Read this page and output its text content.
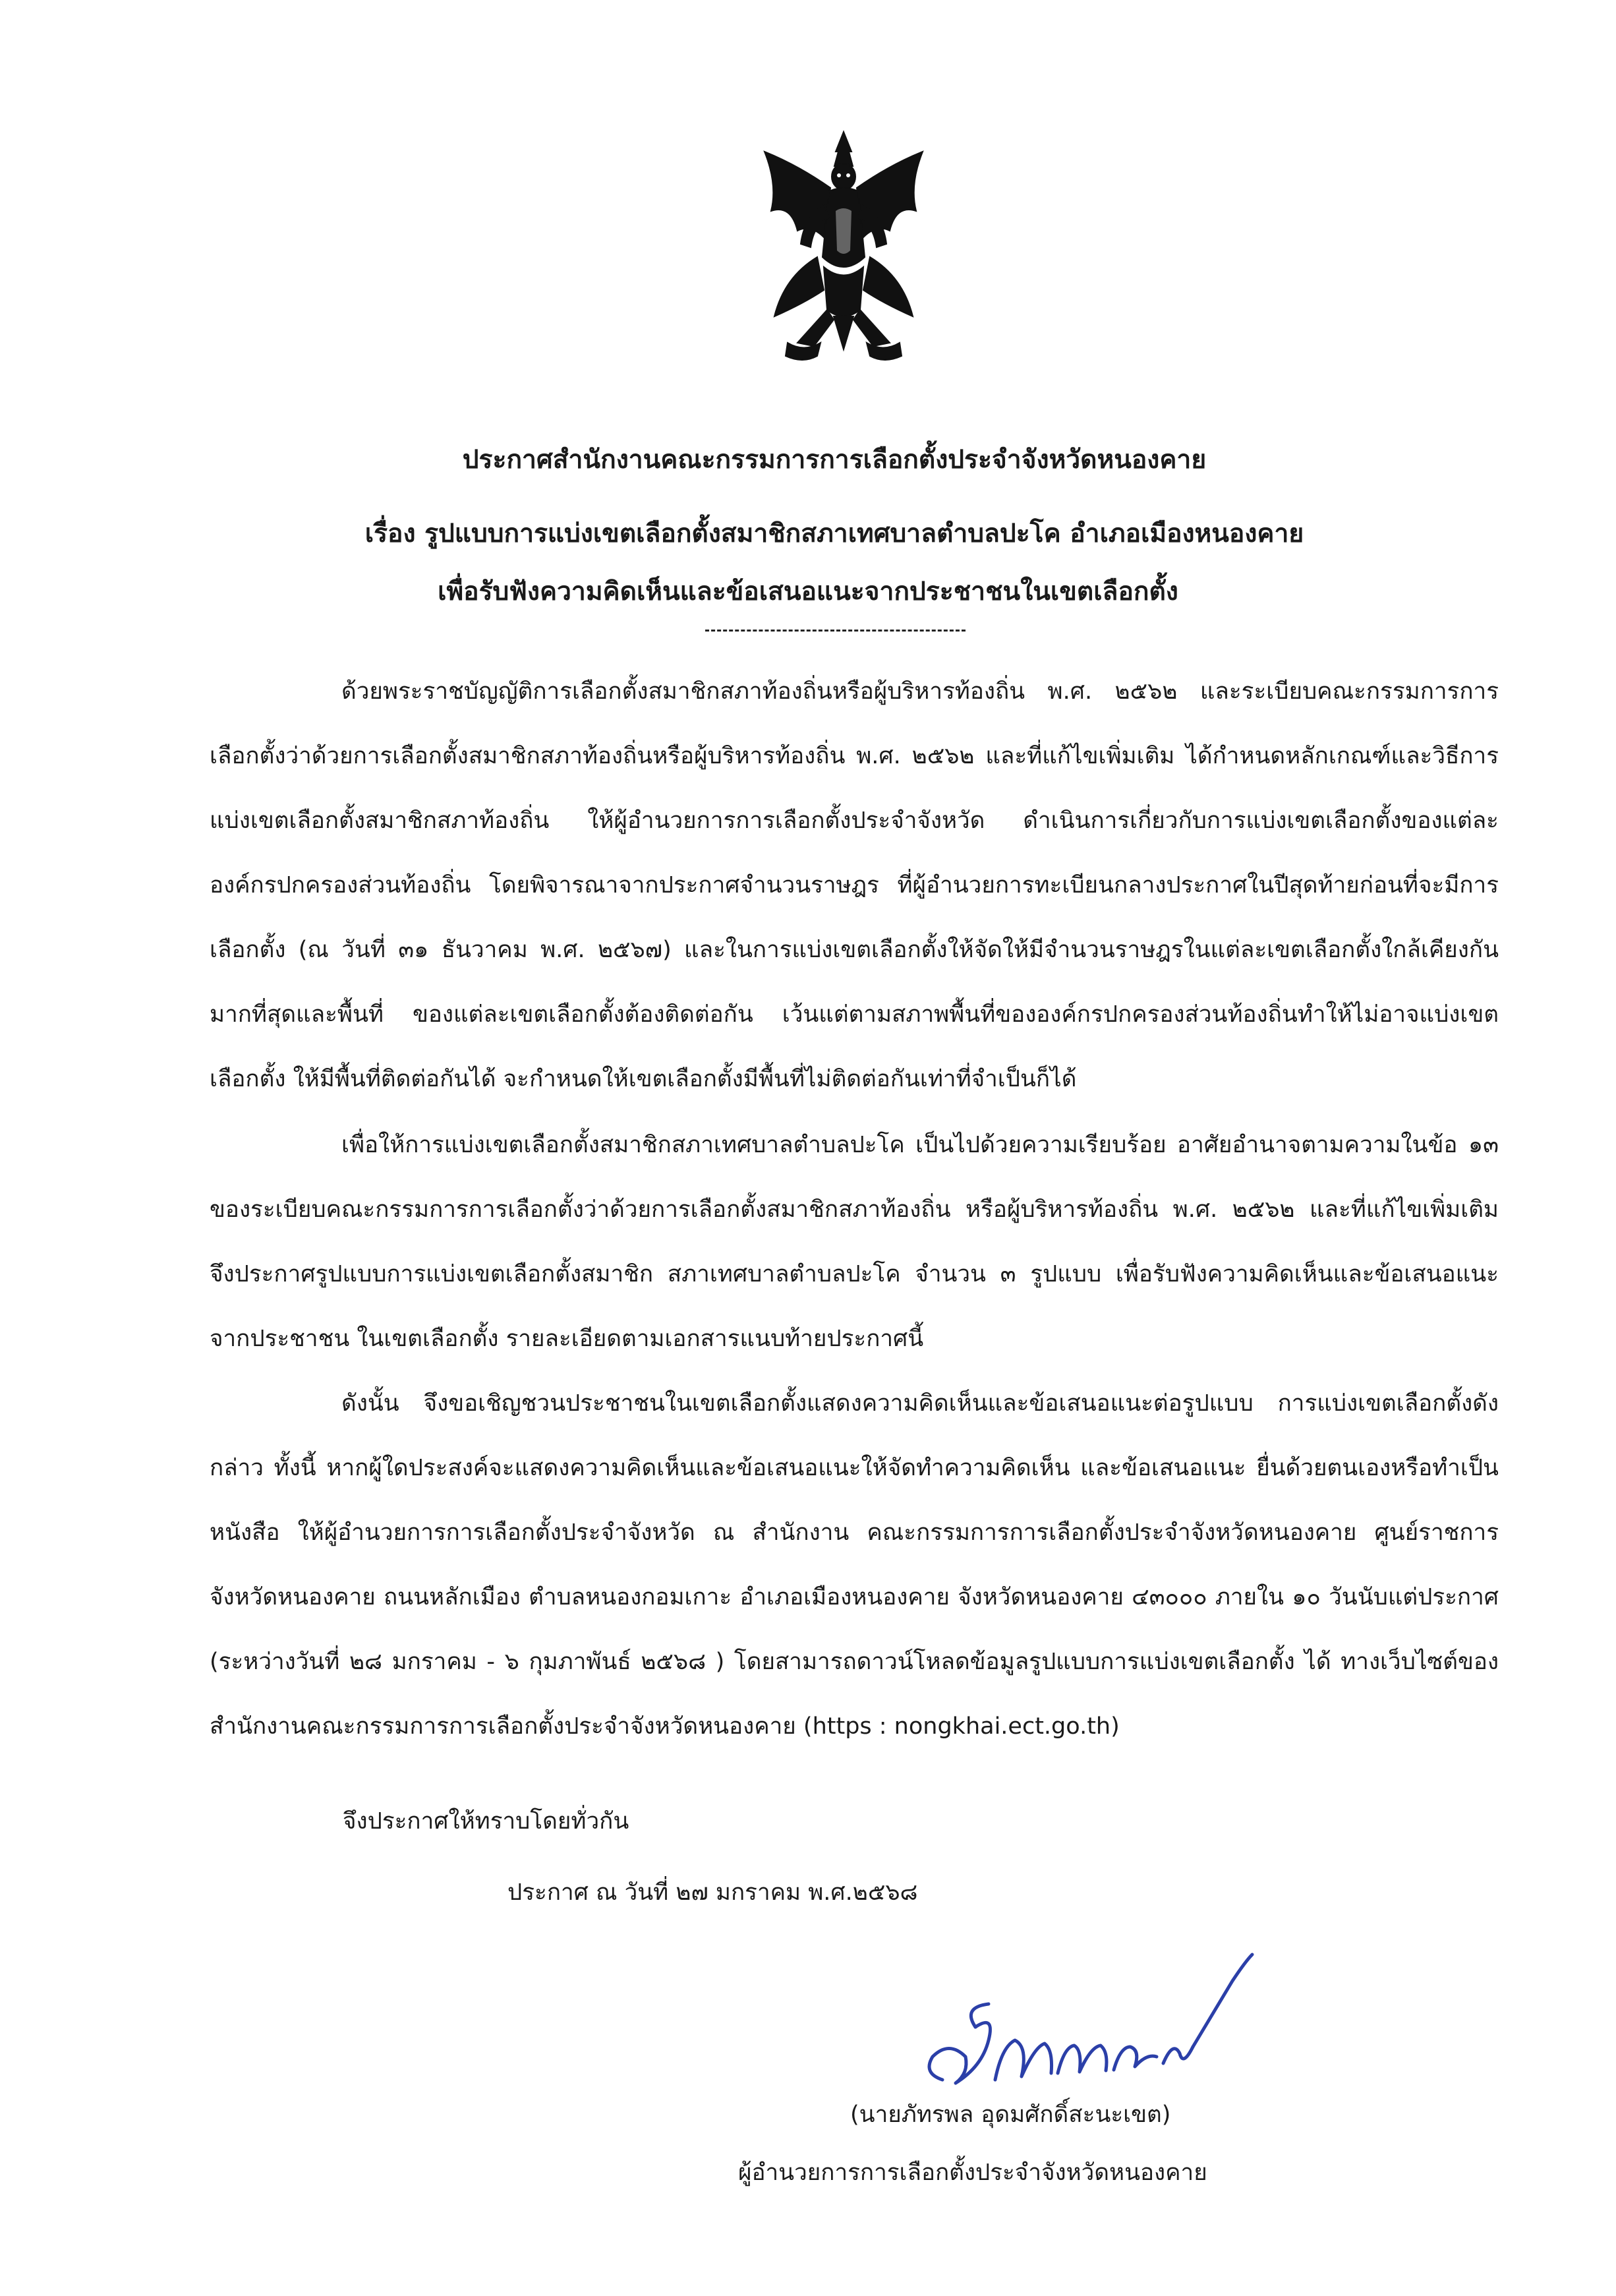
ประกาศสำนักงานคณะกรรมการการเลือกตั้งประจำจังหวัดหนองคาย
เรื่อง รูปแบบการแบ่งเขตเลือกตั้งสมาชิกสภาเทศบาลตำบลปะโค อำเภอเมืองหนองคาย
เพื่อรับฟังความคิดเห็นและข้อเสนอแนะจากประชาชนในเขตเลือกตั้ง

ด้วยพระราชบัญญัติการเลือกตั้งสมาชิกสภาท้องถิ่นหรือผู้บริหารท้องถิ่น พ.ศ. ๒๕๖๒ และระเบียบคณะกรรมการการเลือกตั้งว่าด้วยการเลือกตั้งสมาชิกสภาท้องถิ่นหรือผู้บริหารท้องถิ่น พ.ศ. ๒๕๖๒ และที่แก้ไขเพิ่มเติม ได้กำหนดหลักเกณฑ์และวิธีการแบ่งเขตเลือกตั้งสมาชิกสภาท้องถิ่น ให้ผู้อำนวยการการเลือกตั้งประจำจังหวัด ดำเนินการเกี่ยวกับการแบ่งเขตเลือกตั้งของแต่ละองค์กรปกครองส่วนท้องถิ่น โดยพิจารณาจากประกาศจำนวนราษฎร ที่ผู้อำนวยการทะเบียนกลางประกาศในปีสุดท้ายก่อนที่จะมีการเลือกตั้ง (ณ วันที่ ๓๑ ธันวาคม พ.ศ. ๒๕๖๗) และในการแบ่งเขตเลือกตั้งให้จัดให้มีจำนวนราษฎรในแต่ละเขตเลือกตั้งใกล้เคียงกันมากที่สุดและพื้นที่ ของแต่ละเขตเลือกตั้งต้องติดต่อกัน เว้นแต่ตามสภาพพื้นที่ขององค์กรปกครองส่วนท้องถิ่นทำให้ไม่อาจแบ่งเขตเลือกตั้ง ให้มีพื้นที่ติดต่อกันได้ จะกำหนดให้เขตเลือกตั้งมีพื้นที่ไม่ติดต่อกันเท่าที่จำเป็นก็ได้

เพื่อให้การแบ่งเขตเลือกตั้งสมาชิกสภาเทศบาลตำบลปะโค เป็นไปด้วยความเรียบร้อย อาศัยอำนาจตามความในข้อ ๑๓ ของระเบียบคณะกรรมการการเลือกตั้งว่าด้วยการเลือกตั้งสมาชิกสภาท้องถิ่น หรือผู้บริหารท้องถิ่น พ.ศ. ๒๕๖๒ และที่แก้ไขเพิ่มเติม จึงประกาศรูปแบบการแบ่งเขตเลือกตั้งสมาชิก สภาเทศบาลตำบลปะโค จำนวน ๓ รูปแบบ เพื่อรับฟังความคิดเห็นและข้อเสนอแนะจากประชาชน ในเขตเลือกตั้ง รายละเอียดตามเอกสารแนบท้ายประกาศนี้

ดังนั้น จึงขอเชิญชวนประชาชนในเขตเลือกตั้งแสดงความคิดเห็นและข้อเสนอแนะต่อรูปแบบ การแบ่งเขตเลือกตั้งดังกล่าว ทั้งนี้ หากผู้ใดประสงค์จะแสดงความคิดเห็นและข้อเสนอแนะให้จัดทำความคิดเห็น และข้อเสนอแนะ ยื่นด้วยตนเองหรือทำเป็นหนังสือ ให้ผู้อำนวยการการเลือกตั้งประจำจังหวัด ณ สำนักงาน คณะกรรมการการเลือกตั้งประจำจังหวัดหนองคาย ศูนย์ราชการจังหวัดหนองคาย ถนนหลักเมือง ตำบลหนองกอมเกาะ อำเภอเมืองหนองคาย จังหวัดหนองคาย ๔๓๐๐๐ ภายใน ๑๐ วันนับแต่ประกาศ (ระหว่างวันที่ ๒๘ มกราคม - ๖ กุมภาพันธ์ ๒๕๖๘ ) โดยสามารถดาวน์โหลดข้อมูลรูปแบบการแบ่งเขตเลือกตั้ง ได้ ทางเว็บไซต์ของสำนักงานคณะกรรมการการเลือกตั้งประจำจังหวัดหนองคาย (https : nongkhai.ect.go.th)

จึงประกาศให้ทราบโดยทั่วกัน
ประกาศ ณ วันที่ ๒๗ มกราคม พ.ศ.๒๕๖๘
(นายภัทรพล อุดมศักดิ์สะนะเขต)
ผู้อำนวยการการเลือกตั้งประจำจังหวัดหนองคาย
